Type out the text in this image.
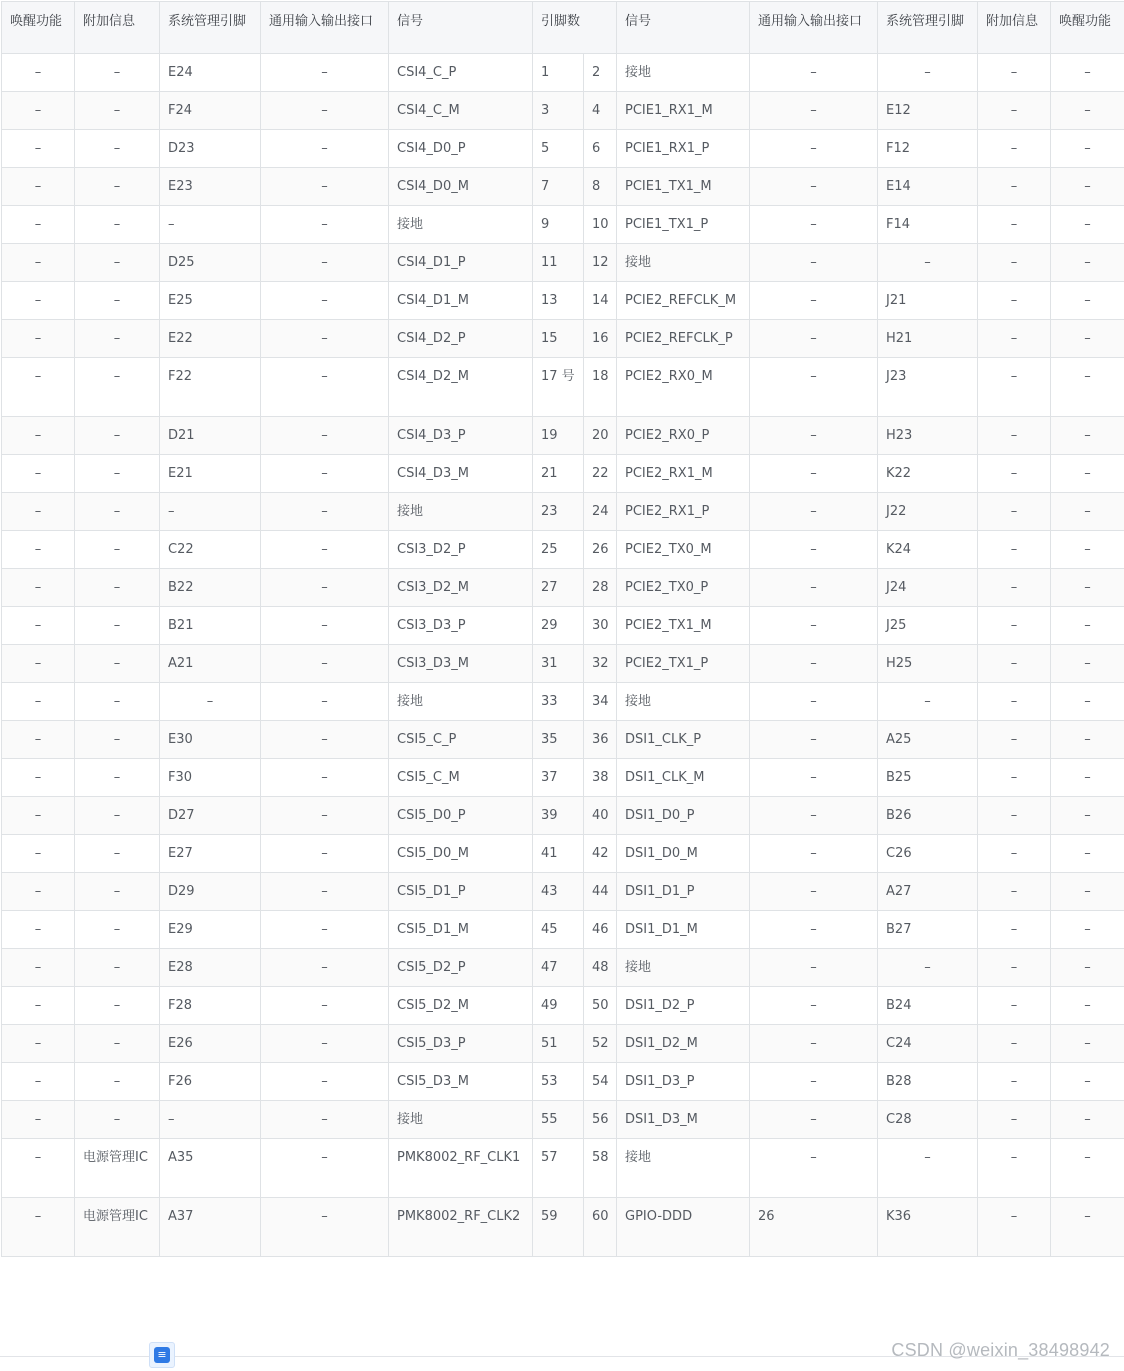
唤醒功能	附加信息	系统管理引脚	通用输入输出接口	信号	引脚数		信号	通用输入输出接口	系统管理引脚	附加信息	唤醒功能
–	–	E24	–	CSI4_C_P	1	2	接地	–	–	–	–
–	–	F24	–	CSI4_C_M	3	4	PCIE1_RX1_M	–	E12	–	–
–	–	D23	–	CSI4_D0_P	5	6	PCIE1_RX1_P	–	F12	–	–
–	–	E23	–	CSI4_D0_M	7	8	PCIE1_TX1_M	–	E14	–	–
–	–	–	–	接地	9	10	PCIE1_TX1_P	–	F14	–	–
–	–	D25	–	CSI4_D1_P	11	12	接地	–	–	–	–
–	–	E25	–	CSI4_D1_M	13	14	PCIE2_REFCLK_M	–	J21	–	–
–	–	E22	–	CSI4_D2_P	15	16	PCIE2_REFCLK_P	–	H21	–	–
–	–	F22	–	CSI4_D2_M	17 号	18	PCIE2_RX0_M	–	J23	–	–
–	–	D21	–	CSI4_D3_P	19	20	PCIE2_RX0_P	–	H23	–	–
–	–	E21	–	CSI4_D3_M	21	22	PCIE2_RX1_M	–	K22	–	–
–	–	–	–	接地	23	24	PCIE2_RX1_P	–	J22	–	–
–	–	C22	–	CSI3_D2_P	25	26	PCIE2_TX0_M	–	K24	–	–
–	–	B22	–	CSI3_D2_M	27	28	PCIE2_TX0_P	–	J24	–	–
–	–	B21	–	CSI3_D3_P	29	30	PCIE2_TX1_M	–	J25	–	–
–	–	A21	–	CSI3_D3_M	31	32	PCIE2_TX1_P	–	H25	–	–
–	–	–	–	接地	33	34	接地	–	–	–	–
–	–	E30	–	CSI5_C_P	35	36	DSI1_CLK_P	–	A25	–	–
–	–	F30	–	CSI5_C_M	37	38	DSI1_CLK_M	–	B25	–	–
–	–	D27	–	CSI5_D0_P	39	40	DSI1_D0_P	–	B26	–	–
–	–	E27	–	CSI5_D0_M	41	42	DSI1_D0_M	–	C26	–	–
–	–	D29	–	CSI5_D1_P	43	44	DSI1_D1_P	–	A27	–	–
–	–	E29	–	CSI5_D1_M	45	46	DSI1_D1_M	–	B27	–	–
–	–	E28	–	CSI5_D2_P	47	48	接地	–	–	–	–
–	–	F28	–	CSI5_D2_M	49	50	DSI1_D2_P	–	B24	–	–
–	–	E26	–	CSI5_D3_P	51	52	DSI1_D2_M	–	C24	–	–
–	–	F26	–	CSI5_D3_M	53	54	DSI1_D3_P	–	B28	–	–
–	–	–	–	接地	55	56	DSI1_D3_M	–	C28	–	–
–	电源管理IC	A35	–	PMK8002_RF_CLK1	57	58	接地	–	–	–	–
–	电源管理IC	A37	–	PMK8002_RF_CLK2	59	60	GPIO-DDD	26	K36	–	–
≡	CSDN @weixin_38498942
